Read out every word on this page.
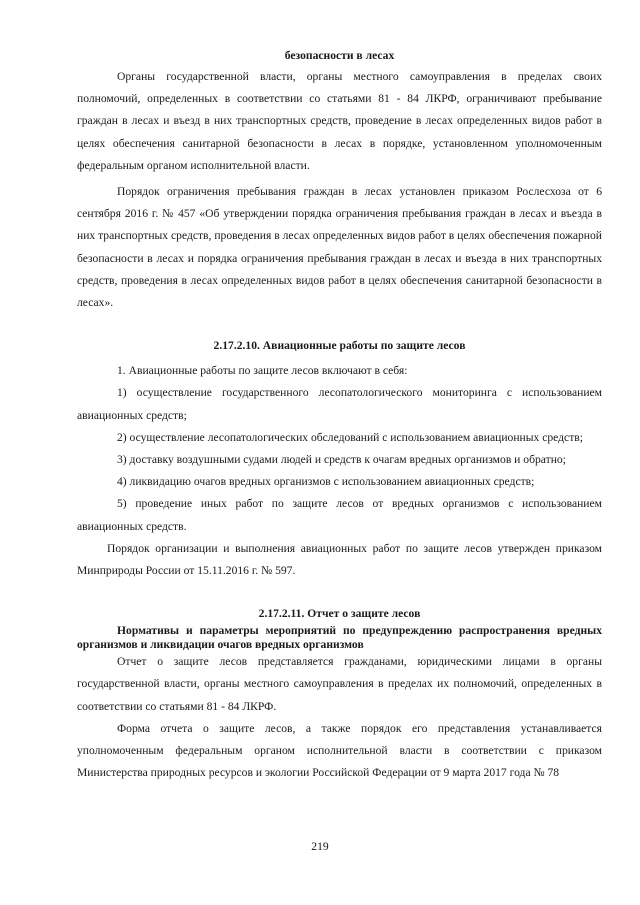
безопасности в лесах

Органы государственной власти, органы местного самоуправления в пределах своих полномочий, определенных в соответствии со статьями 81 - 84 ЛКРФ, ограничивают пребывание граждан в лесах и въезд в них транспортных средств, проведение в лесах определенных видов работ в целях обеспечения санитарной безопасности в лесах в порядке, установленном уполномоченным федеральным органом исполнительной власти.

Порядок ограничения пребывания граждан в лесах установлен приказом Рослесхоза от 6 сентября 2016 г. № 457 «Об утверждении порядка ограничения пребывания граждан в лесах и въезда в них транспортных средств, проведения в лесах определенных видов работ в целях обеспечения пожарной безопасности в лесах и порядка ограничения пребывания граждан в лесах и въезда в них транспортных средств, проведения в лесах определенных видов работ в целях обеспечения санитарной безопасности в лесах».

2.17.2.10. Авиационные работы по защите лесов

1. Авиационные работы по защите лесов включают в себя:

1) осуществление государственного лесопатологического мониторинга с использованием авиационных средств;

2) осуществление лесопатологических обследований с использованием авиационных средств;

3) доставку воздушными судами людей и средств к очагам вредных организмов и обратно;

4) ликвидацию очагов вредных организмов с использованием авиационных средств;

5) проведение иных работ по защите лесов от вредных организмов с использованием авиационных средств.

Порядок организации и выполнения авиационных работ по защите лесов утвержден приказом Минприроды России от 15.11.2016 г. № 597.

2.17.2.11. Отчет о защите лесов

Нормативы и параметры мероприятий по предупреждению распространения вредных организмов и ликвидации очагов вредных организмов

Отчет о защите лесов представляется гражданами, юридическими лицами в органы государственной власти, органы местного самоуправления в пределах их полномочий, определенных в соответствии со статьями 81 - 84 ЛКРФ.

Форма отчета о защите лесов, а также порядок его представления устанавливается уполномоченным федеральным органом исполнительной власти в соответствии с приказом Министерства природных ресурсов и экологии Российской Федерации от 9 марта 2017 года № 78

219
